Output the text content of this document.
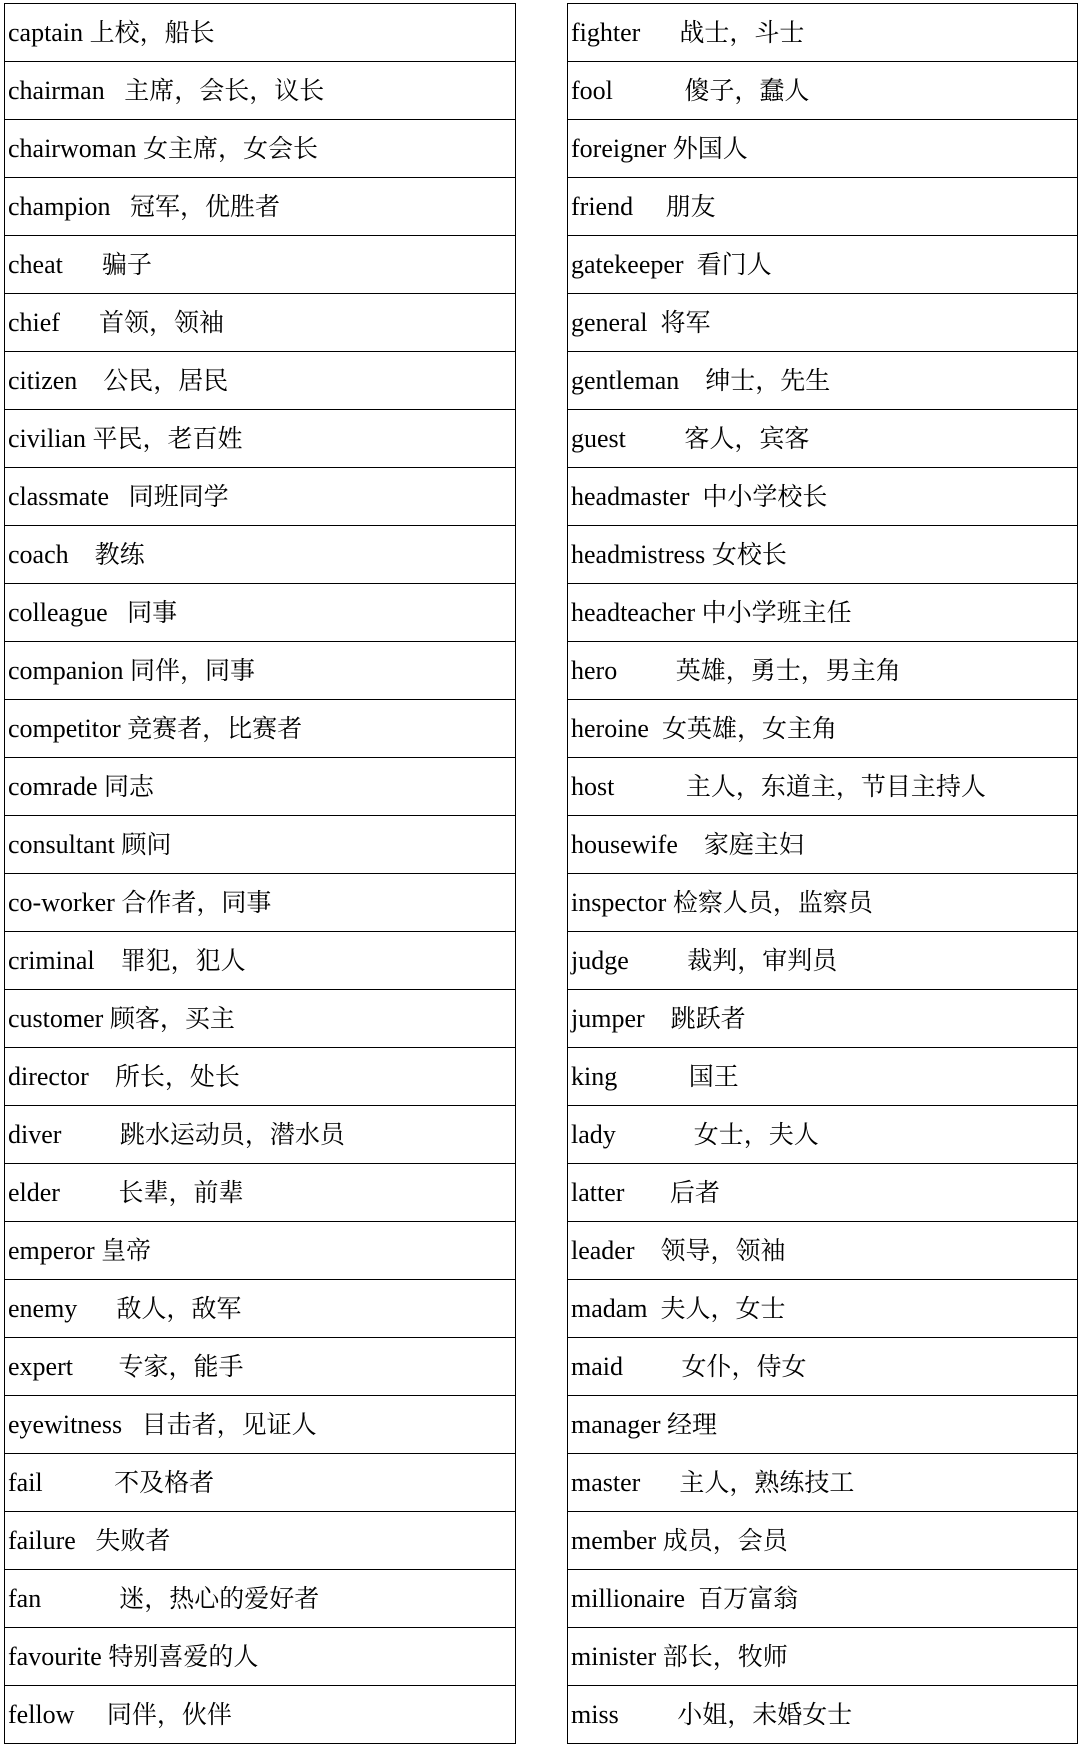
captain 上校，船长
chairman 主席，会长，议长
chairwoman 女主席，女会长
champion 冠军，优胜者
cheat 骗子
chief 首领，领袖
citizen 公民，居民
civilian 平民，老百姓
classmate 同班同学
coach 教练
colleague 同事
companion 同伴，同事
competitor 竞赛者，比赛者
comrade 同志
consultant 顾问
co-worker 合作者，同事
criminal 罪犯，犯人
customer 顾客，买主
director 所长，处长
diver 跳水运动员，潜水员
elder 长辈，前辈
emperor 皇帝
enemy 敌人，敌军
expert 专家，能手
eyewitness 目击者，见证人
fail	不及格者
failure 失败者
fan	迷，热心的爱好者
favourite 特别喜爱的人
fellow 同伴，伙伴
fighter 战士，斗士
fool	傻子，蠢人
foreigner 外国人
friend 朋友
gatekeeper 看门人
general 将军
gentleman 绅士，先生
guest 客人，宾客
headmaster 中小学校长
headmistress 女校长
headteacher 中小学班主任
hero 英雄，勇士，男主角
heroine 女英雄，女主角
host	主人，东道主，节目主持人
housewife 家庭主妇
inspector 检察人员，监察员
judge 裁判，审判员
jumper 跳跃者
king	国王
lady	女士，夫人
latter 后者
leader 领导，领袖
madam 夫人，女士
maid 女仆，侍女
manager 经理
master 主人，熟练技工
member 成员，会员
millionaire 百万富翁
minister 部长，牧师
miss 小姐，未婚女士
